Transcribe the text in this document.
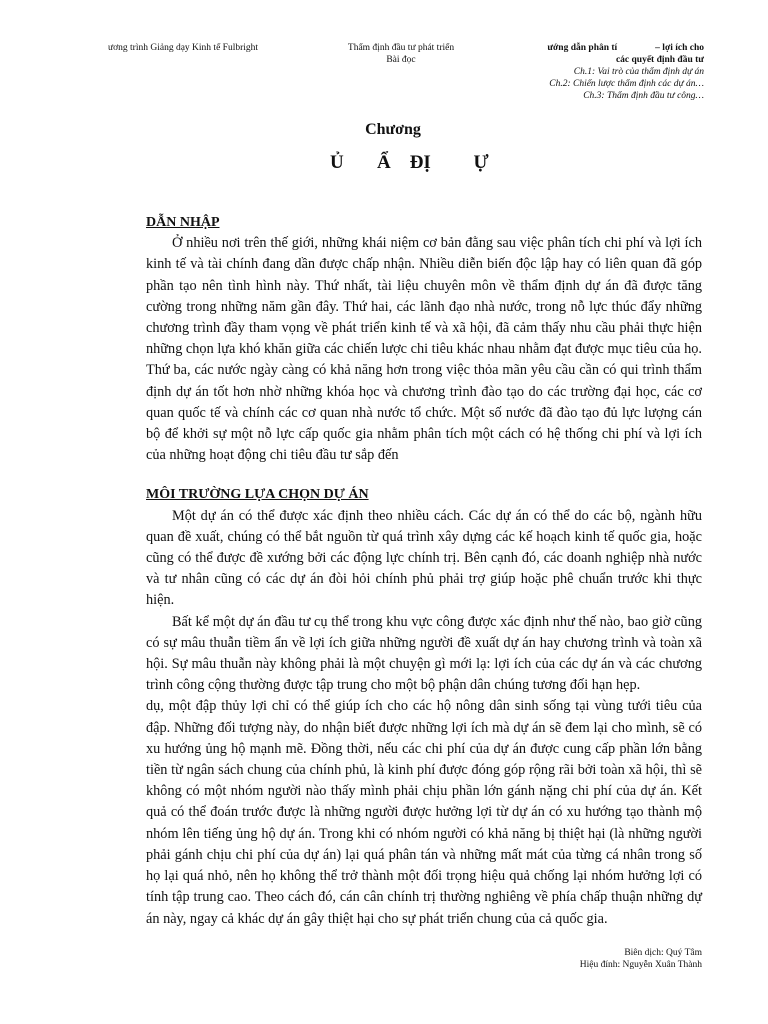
ương trình Giảng dạy Kinh tế Fulbright	Thẩm định đầu tư phát triển
Bài đọc
ướng dẫn phân tí                – lợi ích cho
các quyết định đầu tư
Ch.1: Vai trò của thẩm định dự án
Ch.2: Chiến lược thẩm định các dự án…
Ch.3: Thẩm định đầu tư công…
Chương
Ủ       Ẩ    ĐỊ         Ự

DẪN NHẬP

Ở nhiều nơi trên thế giới, những khái niệm cơ bản đằng sau việc phân tích chi phí và lợi ích kinh tế và tài chính đang dần được chấp nhận. Nhiều diễn biến độc lập hay có liên quan đã góp phần tạo nên tình hình này. Thứ nhất, tài liệu chuyên môn về thẩm định dự án đã được tăng cường trong những năm gần đây. Thứ hai, các lãnh đạo nhà nước, trong nỗ lực thúc đẩy những chương trình đầy tham vọng về phát triển kinh tế và xã hội, đã cảm thấy nhu cầu phải thực hiện những chọn lựa khó khăn giữa các chiến lược chi tiêu khác nhau nhằm đạt được mục tiêu của họ. Thứ ba, các nước ngày càng có khả năng hơn trong việc thỏa mãn yêu cầu cần có qui trình thẩm định dự án tốt hơn nhờ những khóa học và chương trình đào tạo do các trường đại học, các cơ quan quốc tế và chính các cơ quan nhà nước tổ chức. Một số nước đã đào tạo đủ lực lượng cán bộ để khởi sự một nỗ lực cấp quốc gia nhằm phân tích một cách có hệ thống chi phí và lợi ích của những hoạt động chi tiêu đầu tư sắp đến

MÔI TRƯỜNG LỰA CHỌN DỰ ÁN

Một dự án có thể được xác định theo nhiều cách. Các dự án có thể do các bộ, ngành hữu quan đề xuất, chúng có thể bắt nguồn từ quá trình xây dựng các kế hoạch kinh tế quốc gia, hoặc cũng có thể được đề xướng bởi các động lực chính trị. Bên cạnh đó, các doanh nghiệp nhà nước và tư nhân cũng có các dự án đòi hỏi chính phủ phải trợ giúp hoặc phê chuẩn trước khi thực hiện.

Bất kể một dự án đầu tư cụ thể trong khu vực công được xác định như thế nào, bao giờ cũng có sự mâu thuẫn tiềm ẩn về lợi ích giữa những người đề xuất dự án hay chương trình và toàn xã hội. Sự mâu thuẫn này không phải là một chuyện gì mới lạ: lợi ích của các dự án và các chương trình công cộng thường được tập trung cho một bộ phận dân chúng tương đối hạn hẹp.

dụ, một đập thủy lợi chỉ có thể giúp ích cho các hộ nông dân sinh sống tại vùng tưới tiêu của đập. Những đối tượng này, do nhận biết được những lợi ích mà dự án sẽ đem lại cho mình, sẽ có xu hướng ủng hộ mạnh mẽ. Đồng thời, nếu các chi phí của dự án được cung cấp phần lớn bằng tiền từ ngân sách chung của chính phủ, là kinh phí được đóng góp rộng rãi bởi toàn xã hội, thì sẽ không có một nhóm người nào thấy mình phải chịu phần lớn gánh nặng chi phí của dự án. Kết quả có thể đoán trước được là những người được hưởng lợi từ dự án có xu hướng tạo thành mộ nhóm lên tiếng ủng hộ dự án. Trong khi có nhóm người có khả năng bị thiệt hại (là những người phải gánh chịu chi phí của dự án) lại quá phân tán và những mất mát của từng cá nhân trong số họ lại quá nhỏ, nên họ không thể trở thành một đối trọng hiệu quả chống lại nhóm hưởng lợi có tính tập trung cao. Theo cách đó, cán cân chính trị thường nghiêng về phía chấp thuận những dự án này, ngay cả khác dự án gây thiệt hại cho sự phát triển chung của cả quốc gia.

Biên dịch: Quý Tâm
Hiệu đính: Nguyễn Xuân Thành
